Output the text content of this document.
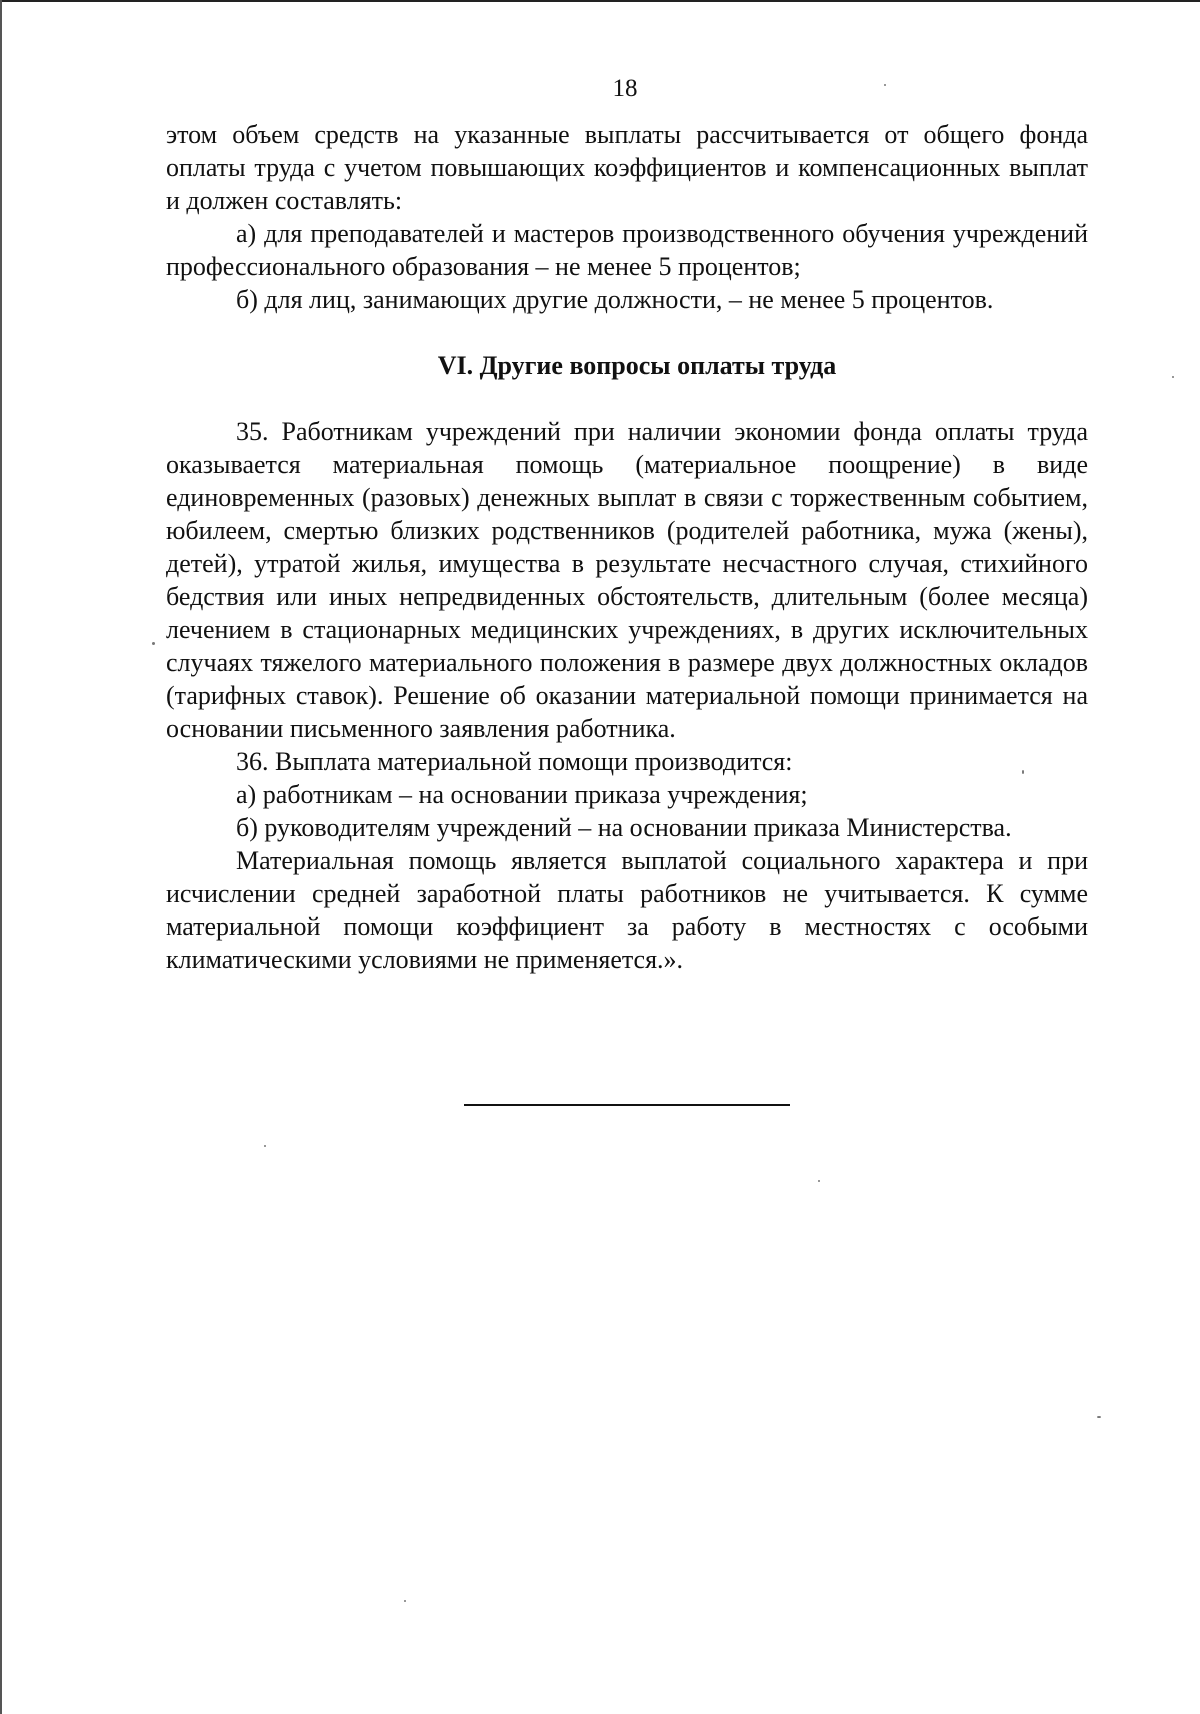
18

этом объем средств на указанные выплаты рассчитывается от общего фонда оплаты труда с учетом повышающих коэффициентов и компенсационных выплат и должен составлять:

а) для преподавателей и мастеров производственного обучения учреждений профессионального образования – не менее 5 процентов;

б) для лиц, занимающих другие должности, – не менее 5 процентов.

VI. Другие вопросы оплаты труда

35. Работникам учреждений при наличии экономии фонда оплаты труда оказывается материальная помощь (материальное поощрение) в виде единовременных (разовых) денежных выплат в связи с торжественным событием, юбилеем, смертью близких родственников (родителей работника, мужа (жены), детей), утратой жилья, имущества в результате несчастного случая, стихийного бедствия или иных непредвиденных обстоятельств, длительным (более месяца) лечением в стационарных медицинских учреждениях, в других исключительных случаях тяжелого материального положения в размере двух должностных окладов (тарифных ставок). Решение об оказании материальной помощи принимается на основании письменного заявления работника.

36. Выплата материальной помощи производится:

а) работникам – на основании приказа учреждения;

б) руководителям учреждений – на основании приказа Министерства.

Материальная помощь является выплатой социального характера и при исчислении средней заработной платы работников не учитывается. К сумме материальной помощи коэффициент за работу в местностях с особыми климатическими условиями не применяется.».
